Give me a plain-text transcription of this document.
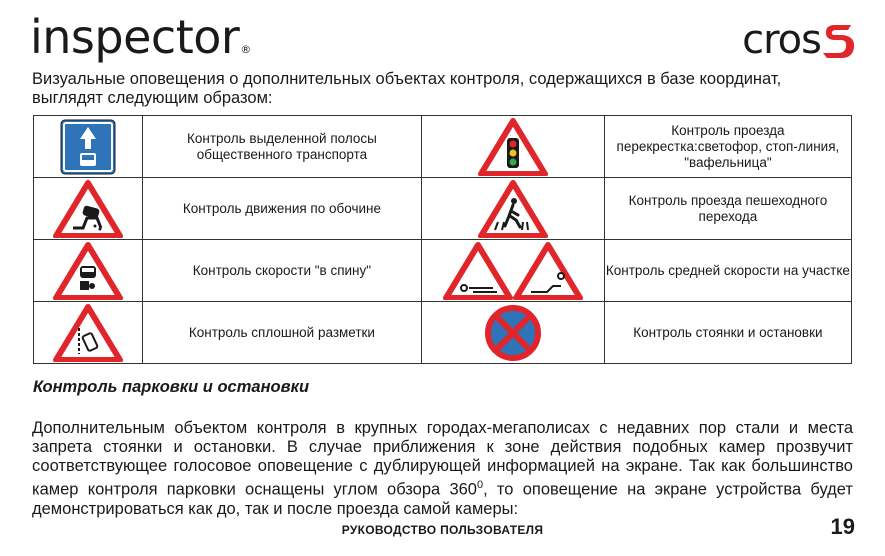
inspector®	cros
Визуальные оповещения о дополнительных объектах контроля, содержащихся в базе координат, выглядят следующим образом:
	Контроль выделенной полосы общественного транспорта		Контроль проезда перекрестка:светофор, стоп-линия, "вафельница"

	Контроль движения по обочине		Контроль проезда пешеходного перехода

	Контроль скорости "в спину"		Контроль средней скорости на участке

	Контроль сплошной разметки		Контроль стоянки и остановки
Контроль парковки и остановки
Дополнительным объектом контроля в крупных городах-мегаполисах с недавних пор стали и места запрета стоянки и остановки. В случае приближения к зоне действия подобных камер прозвучит соответствующее голосовое оповещение с дублирующей информацией на экране. Так как большинство камер контроля парковки оснащены углом обзора $360^0$, то оповещение на экране устройства будет демонстрироваться как до, так и после проезда самой камеры:
РУКОВОДСТВО ПОЛЬЗОВАТЕЛЯ	19
